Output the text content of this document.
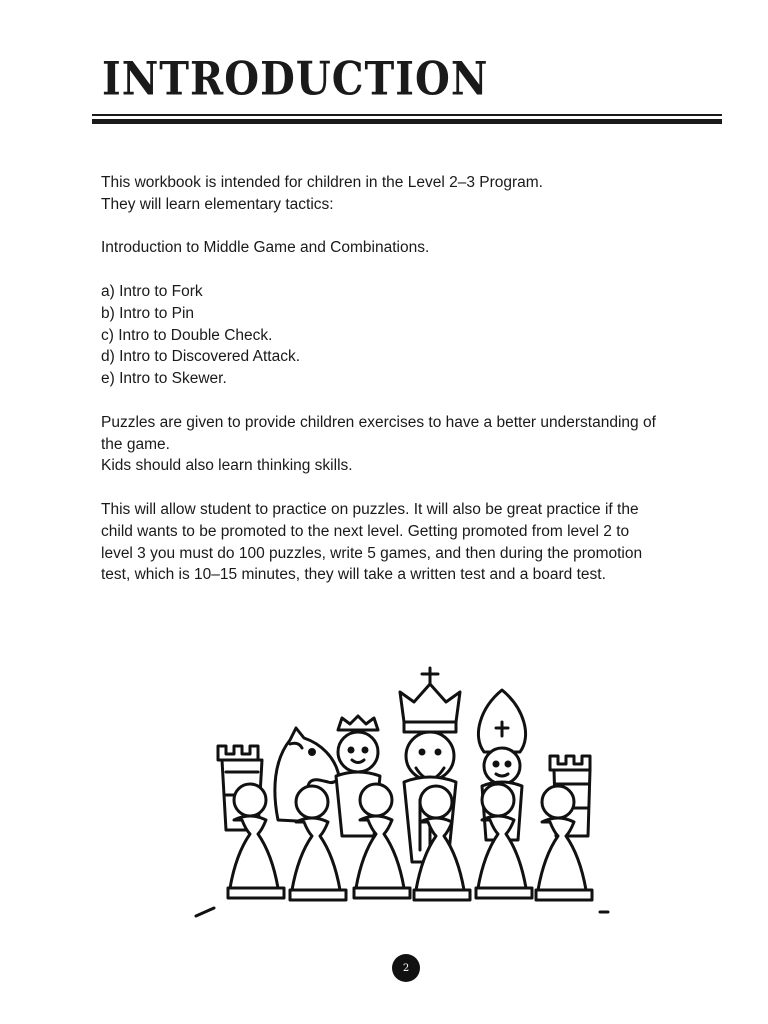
INTRODUCTION

This workbook is intended for children in the Level 2–3 Program.

They will learn elementary tactics:

Introduction to Middle Game and Combinations.

a) Intro to Fork

b) Intro to Pin

c) Intro to Double Check.

d) Intro to Discovered Attack.

e) Intro to Skewer.

Puzzles are given to provide children exercises to have a better understanding of

the game.

Kids should also learn thinking skills.

This will allow student to practice on puzzles. It will also be great practice if the

child wants to be promoted to the next level. Getting promoted from level 2 to

level 3 you must do 100 puzzles, write 5 games, and then during the promotion

test, which is 10–15 minutes, they will take a written test and a board test.

2
